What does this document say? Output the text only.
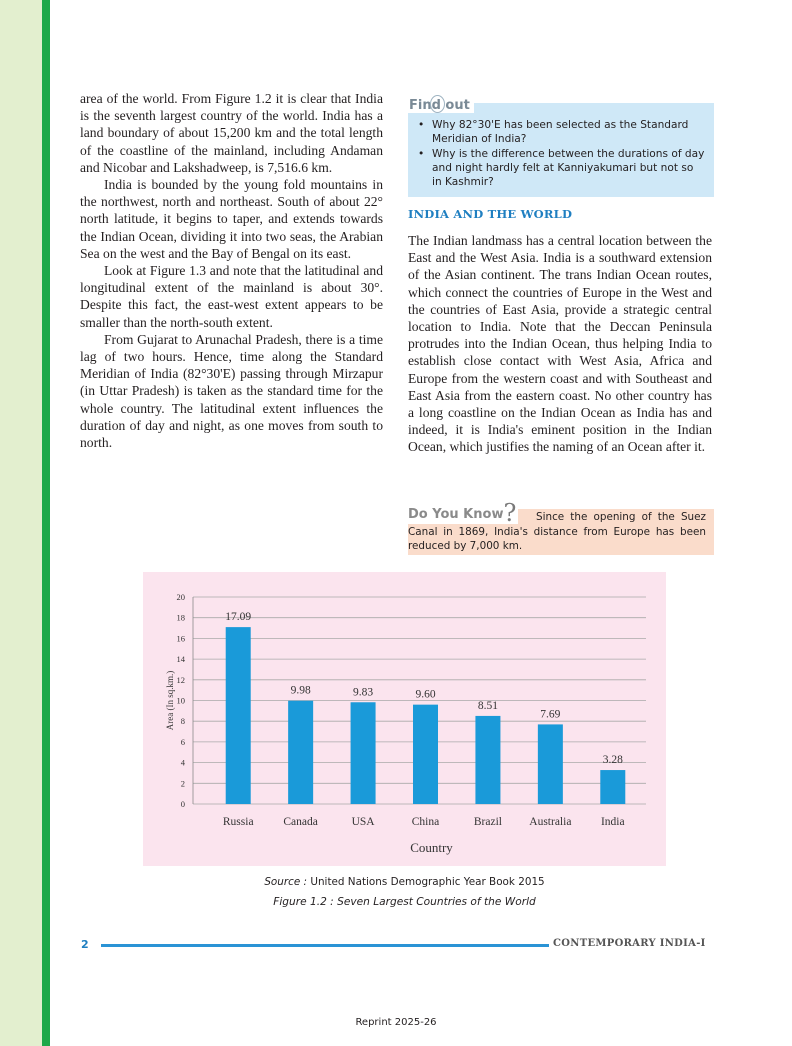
area of the world. From Figure 1.2 it is clear that India is the seventh largest country of the world. India has a land boundary of about 15,200 km and the total length of the coastline of the mainland, including Andaman and Nicobar and Lakshadweep, is 7,516.6 km.

India is bounded by the young fold mountains in the northwest, north and northeast. South of about 22° north latitude, it begins to taper, and extends towards the Indian Ocean, dividing it into two seas, the Arabian Sea on the west and the Bay of Bengal on its east.

Look at Figure 1.3 and note that the latitudinal and longitudinal extent of the mainland is about 30°. Despite this fact, the east-west extent appears to be smaller than the north-south extent.

From Gujarat to Arunachal Pradesh, there is a time lag of two hours. Hence, time along the Standard Meridian of India (82°30'E) passing through Mirzapur (in Uttar Pradesh) is taken as the standard time for the whole country. The latitudinal extent influences the duration of day and night, as one moves from south to north.

Find out
• Why 82°30'E has been selected as the Standard Meridian of India?
• Why is the difference between the durations of day and night hardly felt at Kanniyakumari but not so in Kashmir?
INDIA AND THE WORLD

The Indian landmass has a central location between the East and the West Asia. India is a southward extension of the Asian continent. The trans Indian Ocean routes, which connect the countries of Europe in the West and the countries of East Asia, provide a strategic central location to India. Note that the Deccan Peninsula protrudes into the Indian Ocean, thus helping India to establish close contact with West Asia, Africa and Europe from the western coast and with Southeast and East Asia from the eastern coast. No other country has a long coastline on the Indian Ocean as India has and indeed, it is India's eminent position in the Indian Ocean, which justifies the naming of an Ocean after it.

Do You Know?	Since the opening of the Suez Canal in 1869, India's distance from Europe has been reduced by 7,000 km.
0
2
4
6
8
10
12
14
16
18
20
Area (In sq.km.)
17.09
Russia
9.98
Canada
9.83
USA
9.60
China
8.51
Brazil
7.69
Australia
3.28
India
Country
Source : United Nations Demographic Year Book 2015
Figure 1.2 : Seven Largest Countries of the World
2	CONTEMPORARY INDIA-I
Reprint 2025-26
